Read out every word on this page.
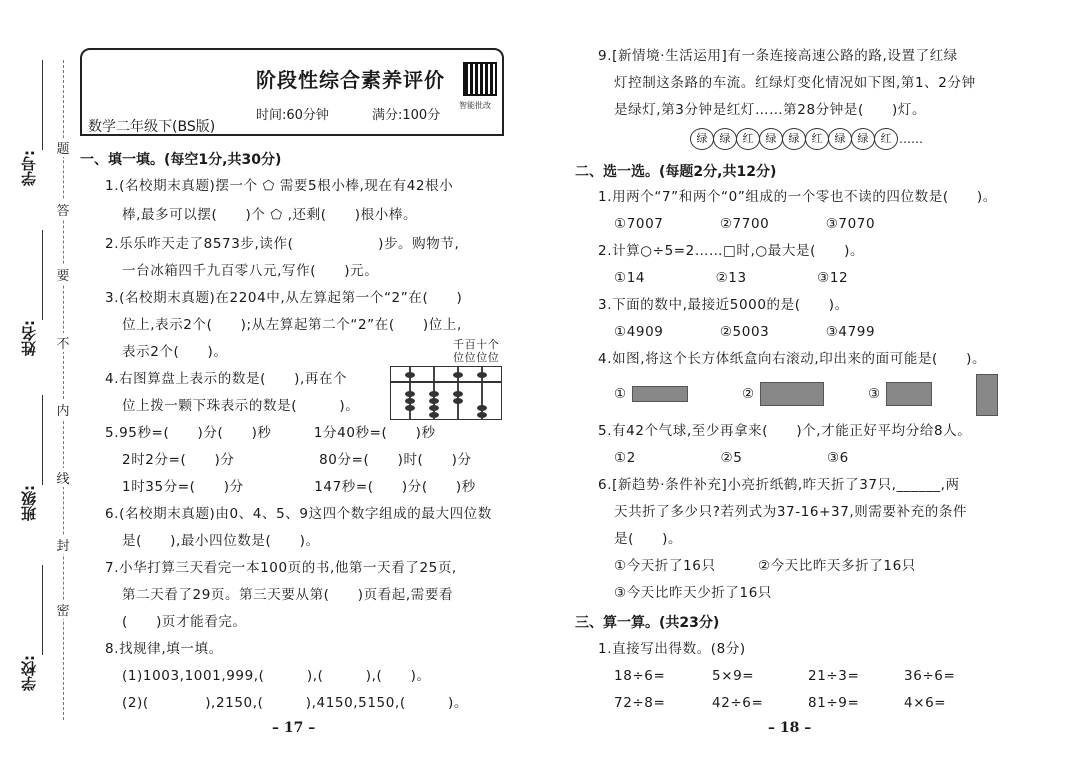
学号:
姓名:
班级:
学校:
题
答
要
不
内
线
封
密
阶段性综合素养评价
时间:60分钟	满分:100分
数学二年级下(BS版)
智能批改
一、填一填。(每空1分,共30分)
1.(名校期末真题)摆一个 ⬠ 需要5根小棒,现在有42根小
棒,最多可以摆(　　)个 ⬠ ,还剩(　　)根小棒。
2.乐乐昨天走了8573步,读作(　　　　　　)步。购物节,
一台冰箱四千九百零八元,写作(　　)元。
3.(名校期末真题)在2204中,从左算起第一个“2”在(　　)
位上,表示2个(　　);从左算起第二个“2”在(　　)位上,
表示2个(　　)。	千百十个
位位位位
4.右图算盘上表示的数是(　　),再在个
位上拨一颗下珠表示的数是(　　　)。
5.95秒=(　　)分(　　)秒　　　1分40秒=(　　)秒
2时2分=(　　)分　　　　　　80分=(　　)时(　　)分
1时35分=(　　)分　　　　　147秒=(　　)分(　　)秒
6.(名校期末真题)由0、4、5、9这四个数字组成的最大四位数
是(　　),最小四位数是(　　)。
7.小华打算三天看完一本100页的书,他第一天看了25页,
第二天看了29页。第三天要从第(　　)页看起,需要看
(　　)页才能看完。
8.找规律,填一填。
(1)1003,1001,999,(　　　),(　　　),(　　)。
(2)(　　　　),2150,(　　　),4150,5150,(　　　)。
– 17 –
9.[新情境·生活运用]有一条连接高速公路的路,设置了红绿
灯控制这条路的车流。红绿灯变化情况如下图,第1、2分钟
是绿灯,第3分钟是红灯……第28分钟是(　　)灯。
绿	绿	红	绿	绿	红	绿	绿	红 ……
二、选一选。(每题2分,共12分)
1.用两个“7”和两个“0”组成的一个零也不读的四位数是(　　)。
①7007　　　　②7700　　　　③7070
2.计算○÷5=2……□时,○最大是(　　)。
①14　　　　　②13　　　　　③12
3.下面的数中,最接近5000的是(　　)。
①4909　　　　②5003　　　　③4799
4.如图,将这个长方体纸盒向右滚动,印出来的面可能是(　　)。
①	②	③
5.有42个气球,至少再拿来(　　)个,才能正好平均分给8人。
①2　　　　　　②5　　　　　　③6
6.[新趋势·条件补充]小亮折纸鹤,昨天折了37只,______,两
天共折了多少只?若列式为37-16+37,则需要补充的条件
是(　　)。
①今天折了16只　　　②今天比昨天多折了16只
③今天比昨天少折了16只
三、算一算。(共23分)
1.直接写出得数。(8分)
18÷6=	5×9=	21÷3=	36÷6=
72÷8=	42÷6=	81÷9=	4×6=
– 18 –
